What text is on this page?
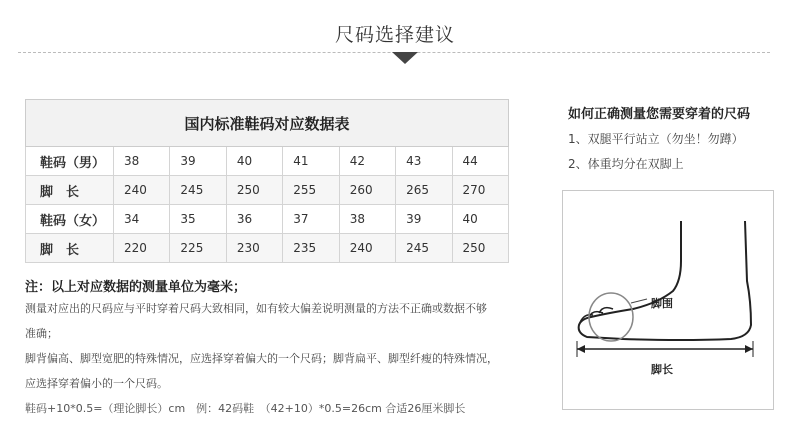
尺码选择建议
国内标准鞋码对应数据表							
鞋码（男）	38	39	40	41	42	43	44
脚　长	240	245	250	255	260	265	270
鞋码（女）	34	35	36	37	38	39	40
脚　长	220	225	230	235	240	245	250
注：以上对应数据的测量单位为毫米；
测量对应出的尺码应与平时穿着尺码大致相同，如有较大偏差说明测量的方法不正确或数据不够
准确；
脚背偏高、脚型宽肥的特殊情况，应选择穿着偏大的一个尺码；脚背扁平、脚型纤瘦的特殊情况，
应选择穿着偏小的一个尺码。
鞋码+10*0.5=（理论脚长）cm　例：42码鞋　（42+10）*0.5=26cm 合适26厘米脚长
如何正确测量您需要穿着的尺码
1、双腿平行站立（勿坐！勿蹲）
2、体重均分在双脚上
脚围
脚长
